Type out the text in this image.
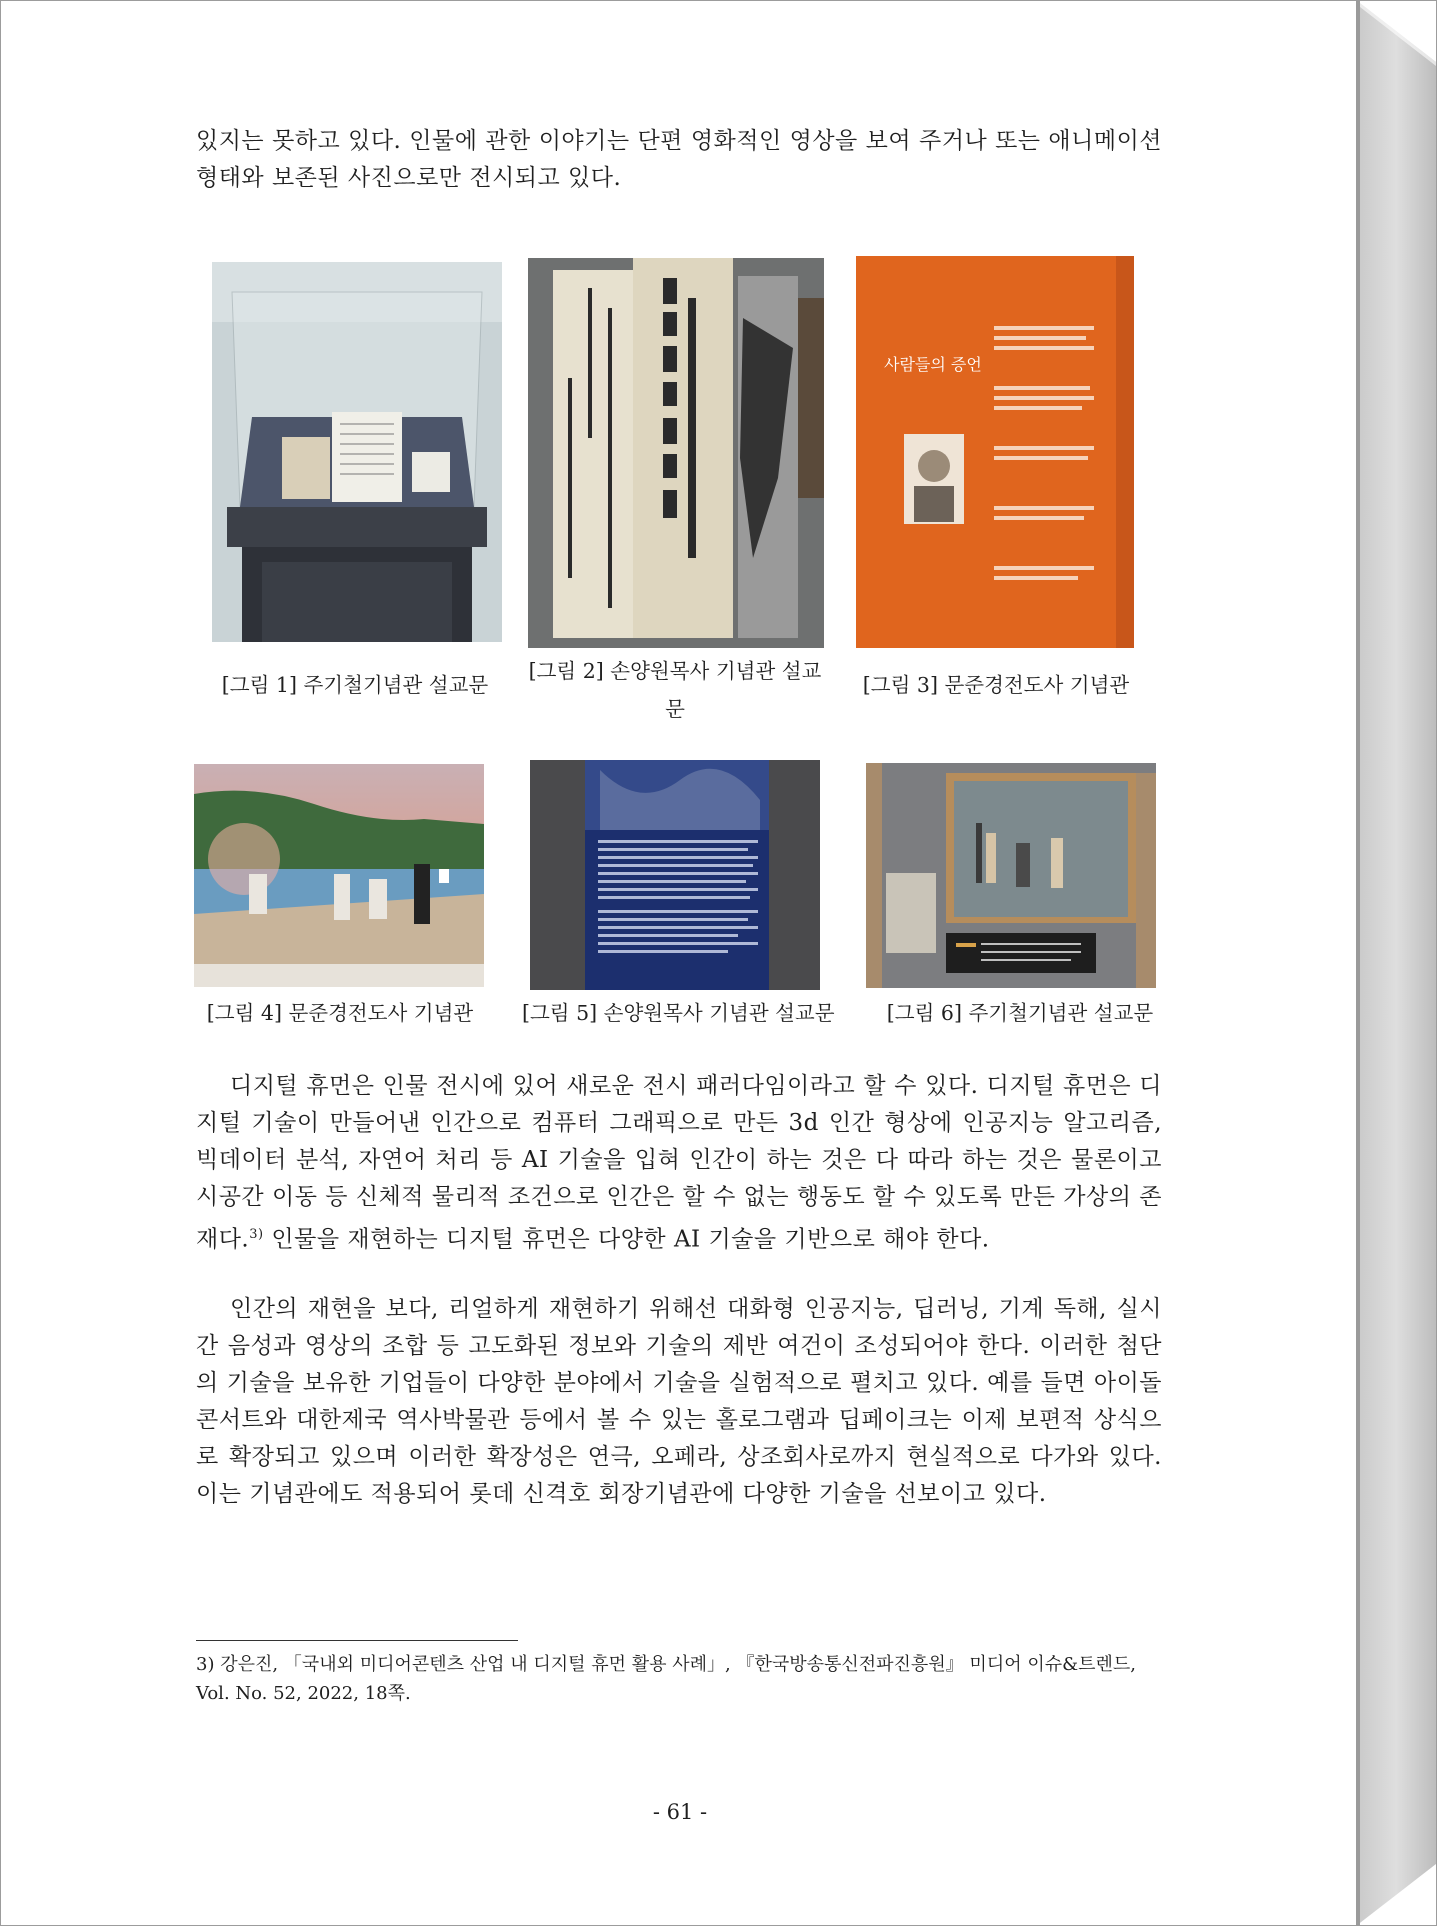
있지는 못하고 있다. 인물에 관한 이야기는 단편 영화적인 영상을 보여 주거나 또는 애니메이션 형태와 보존된 사진으로만 전시되고 있다.

[그림 1] 주기철기념관 설교문
[그림 2] 손양원목사 기념관 설교문
사람들의 증언
[그림 3] 문준경전도사 기념관
[그림 4] 문준경전도사 기념관	[그림 5] 손양원목사 기념관 설교문	[그림 6] 주기철기념관 설교문

디지털 휴먼은 인물 전시에 있어 새로운 전시 패러다임이라고 할 수 있다. 디지털 휴먼은 디지털 기술이 만들어낸 인간으로 컴퓨터 그래픽으로 만든 3d 인간 형상에 인공지능 알고리즘, 빅데이터 분석, 자연어 처리 등 AI 기술을 입혀 인간이 하는 것은 다 따라 하는 것은 물론이고 시공간 이동 등 신체적 물리적 조건으로 인간은 할 수 없는 행동도 할 수 있도록 만든 가상의 존재다.$^{3)}$ 인물을 재현하는 디지털 휴먼은 다양한 AI 기술을 기반으로 해야 한다.

인간의 재현을 보다, 리얼하게 재현하기 위해선 대화형 인공지능, 딥러닝, 기계 독해, 실시간 음성과 영상의 조합 등 고도화된 정보와 기술의 제반 여건이 조성되어야 한다. 이러한 첨단의 기술을 보유한 기업들이 다양한 분야에서 기술을 실험적으로 펼치고 있다. 예를 들면 아이돌 콘서트와 대한제국 역사박물관 등에서 볼 수 있는 홀로그램과 딥페이크는 이제 보편적 상식으로 확장되고 있으며 이러한 확장성은 연극, 오페라, 상조회사로까지 현실적으로 다가와 있다. 이는 기념관에도 적용되어 롯데 신격호 회장기념관에 다양한 기술을 선보이고 있다.

3) 강은진, 「국내외 미디어콘텐츠 산업 내 디지털 휴먼 활용 사례」, 『한국방송통신전파진흥원』 미디어 이슈&트렌드, Vol. No. 52, 2022, 18쪽.
- 61 -
